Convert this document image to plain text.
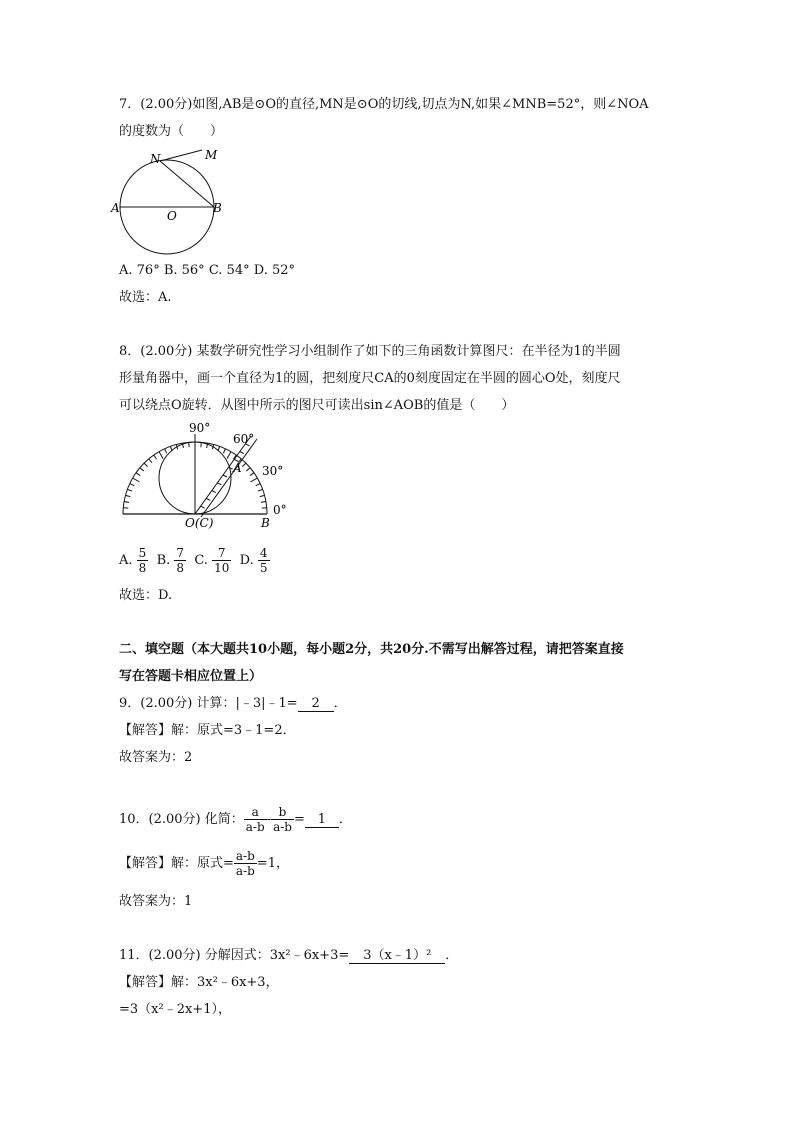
7．(2.00分)如图,AB是⊙O的直径,MN是⊙O的切线,切点为N,如果∠MNB=52°，则∠NOA
的度数为（　　）
N	M
A
O
B
A. 76° B. 56° C. 54° D. 52°
故选：A.
8．(2.00分) 某数学研究性学习小组制作了如下的三角函数计算图尺：在半径为1的半圆
形量角器中，画一个直径为1的圆，把刻度尺CA的0刻度固定在半圆的圆心O处，刻度尺
可以绕点O旋转．从图中所示的图尺可读出sin∠AOB的值是（　　）
90°
60°
30°
0°
A
O(C)	B
A. $\frac{5}{8} B$. $\frac{7}{8} C$. $\frac{7}{10} D$. $\frac{4}{5}$
故选：D.
二、填空题（本大题共10小题，每小题2分，共20分.不需写出解答过程，请把答案直接
写在答题卡相应位置上）
9．(2.00分) 计算：|﹣3|﹣1= 2 ．
【解答】解：原式=3﹣1=2．
故答案为：2
10．(2.00分) 化简： $\frac{a}{a-b} - \frac{b}{a-b} = 1$ ．
【解答】解：原式= $\frac{a-b}{a-b} =1$，
故答案为：1
11．(2.00分) 分解因式：3x²﹣6x+3= 3（x﹣1）² ．
【解答】解：3x²﹣6x+3，
=3（x²﹣2x+1），
